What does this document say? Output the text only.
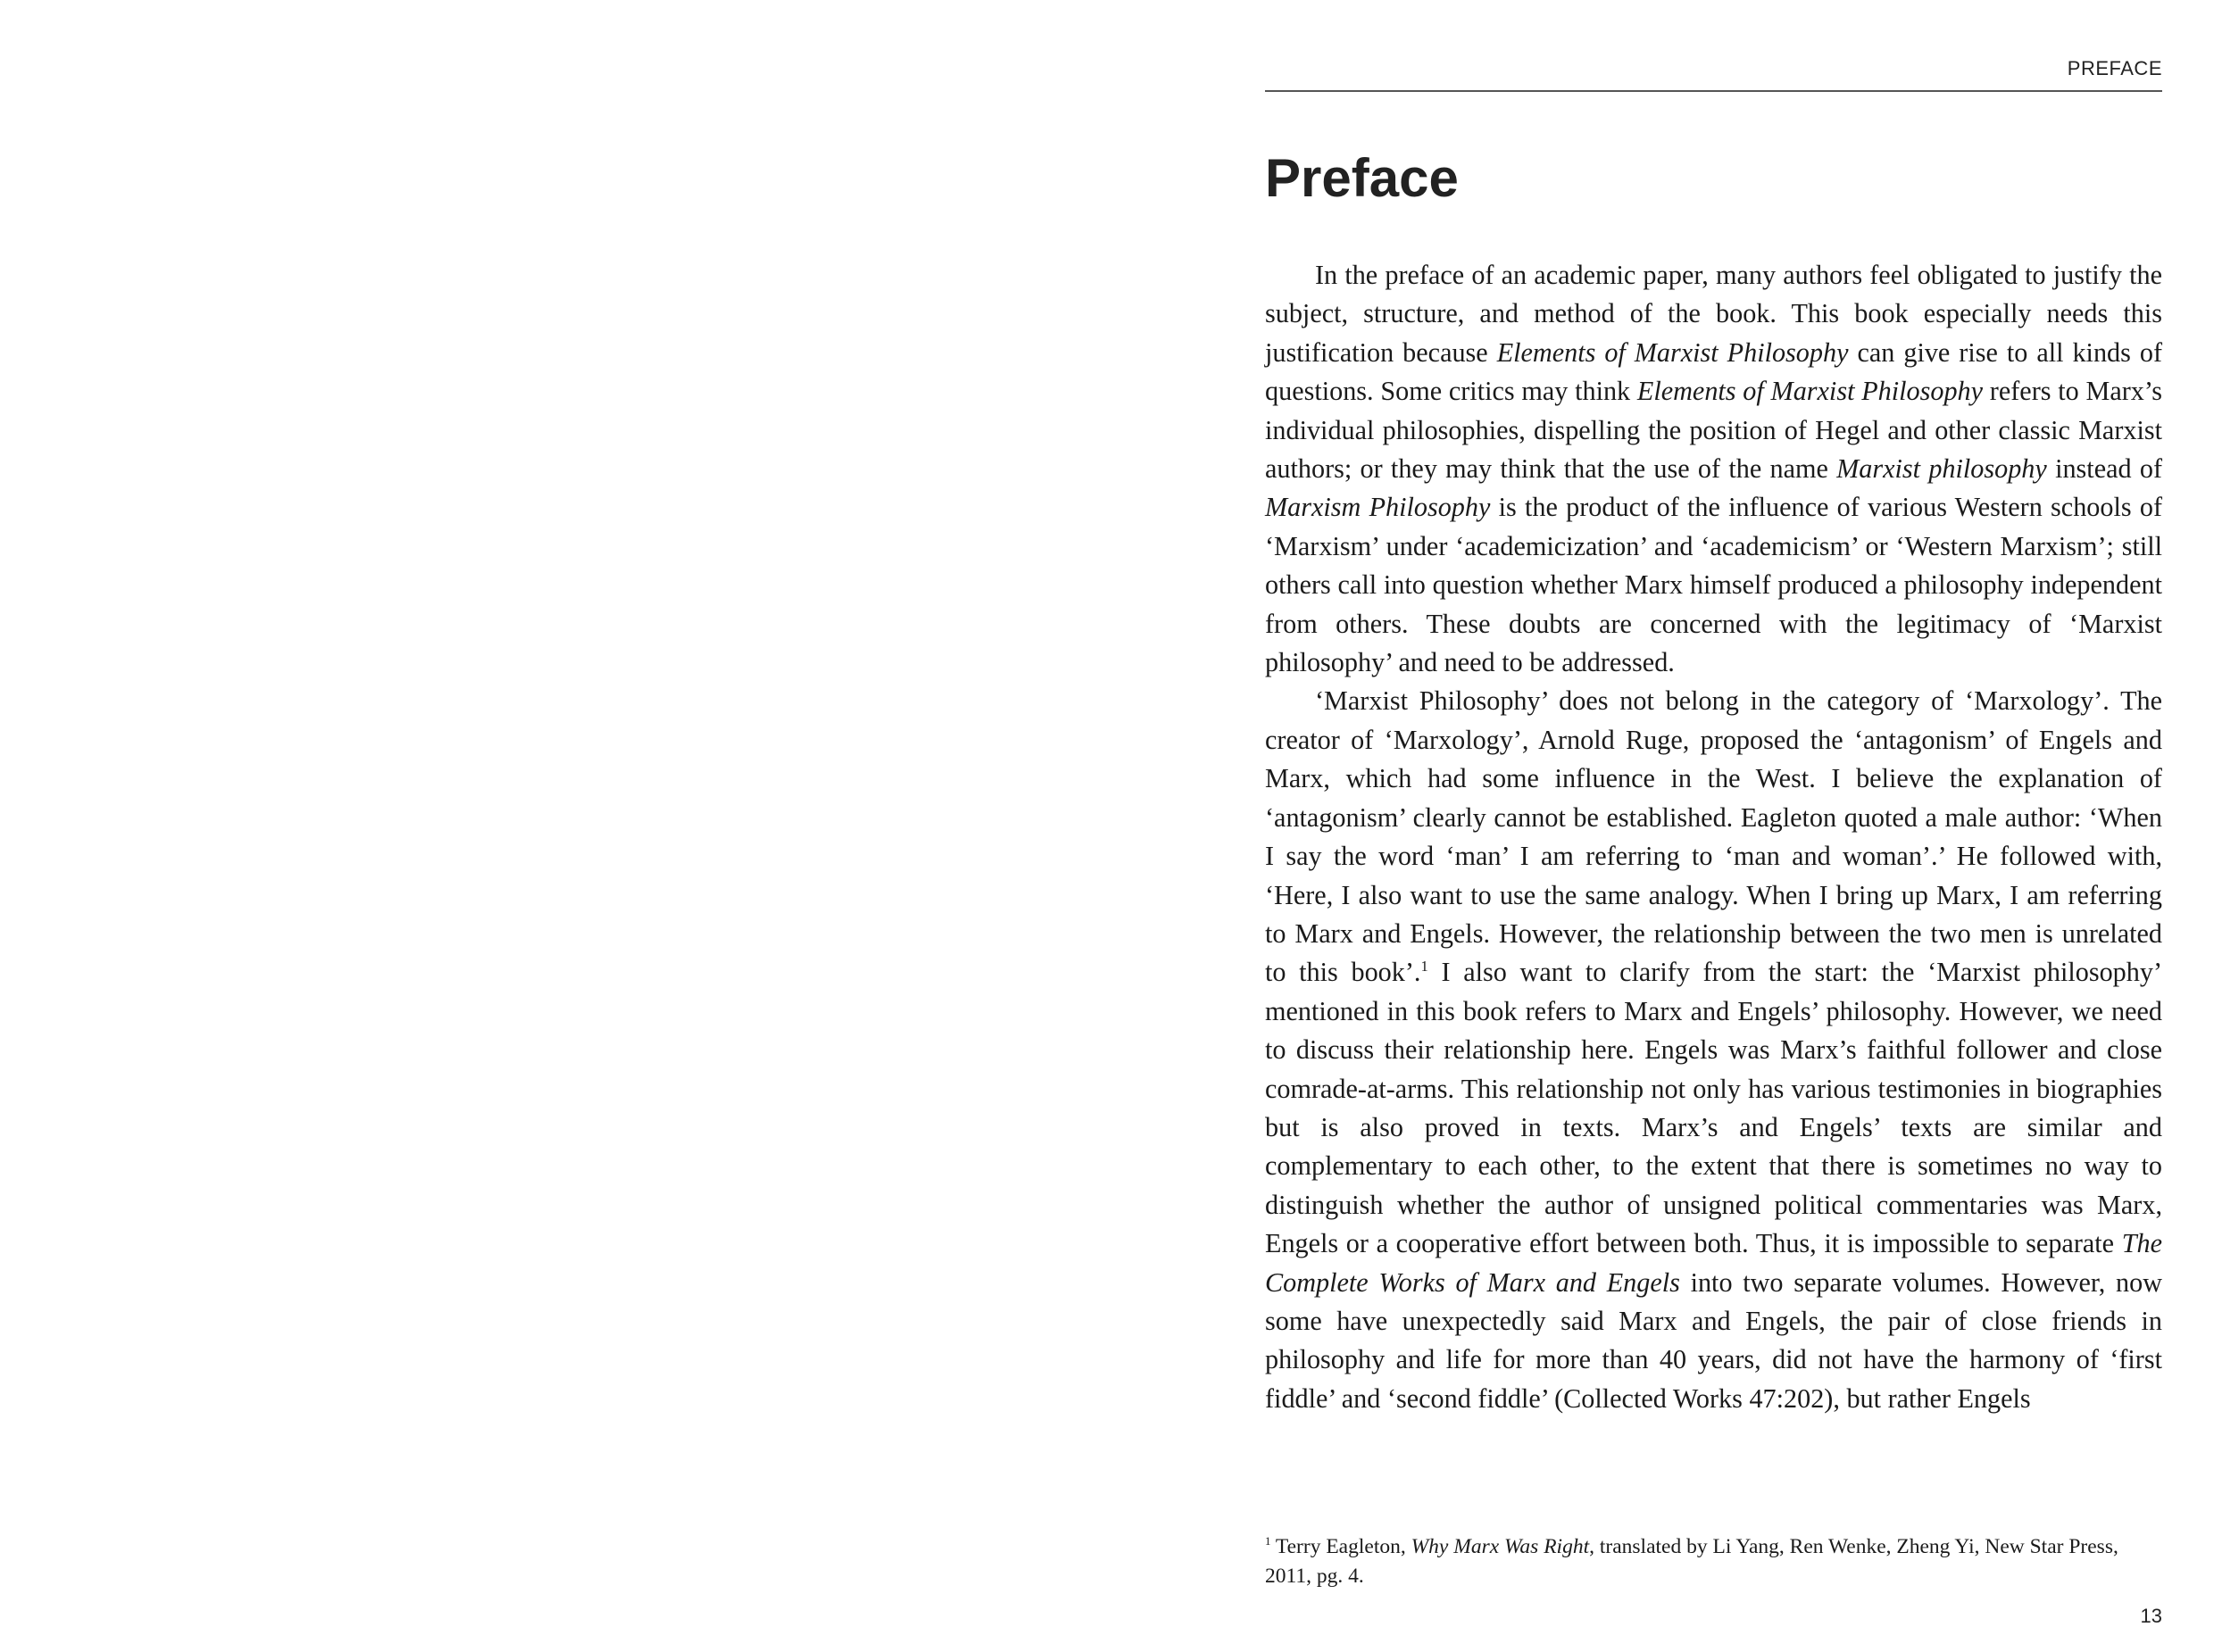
PREFACE
Preface

In the preface of an academic paper, many authors feel obligated to justify the subject, structure, and method of the book. This book especially needs this justification because Elements of Marxist Philosophy can give rise to all kinds of questions. Some critics may think Elements of Marxist Philosophy refers to Marx’s individual philosophies, dispelling the position of Hegel and other classic Marxist authors; or they may think that the use of the name Marxist philosophy instead of Marxism Philosophy is the product of the influence of various Western schools of ‘Marxism’ under ‘academicization’ and ‘academicism’ or ‘Western Marxism’; still others call into question whether Marx himself produced a philosophy independent from others. These doubts are concerned with the legitimacy of ‘Marxist philosophy’ and need to be addressed.

‘Marxist Philosophy’ does not belong in the category of ‘Marxology’. The creator of ‘Marxology’, Arnold Ruge, proposed the ‘antagonism’ of Engels and Marx, which had some influence in the West. I believe the explanation of ‘antagonism’ clearly cannot be established. Eagleton quoted a male author: ‘When I say the word ‘man’ I am referring to ‘man and woman’.’ He followed with, ‘Here, I also want to use the same analogy. When I bring up Marx, I am referring to Marx and Engels. However, the relationship between the two men is unrelated to this book’.$^1$ I also want to clarify from the start: the ‘Marxist philosophy’ mentioned in this book refers to Marx and Engels’ philosophy. However, we need to discuss their relationship here. Engels was Marx’s faithful follower and close comrade-at-arms. This relationship not only has various testimonies in biographies but is also proved in texts. Marx’s and Engels’ texts are similar and complementary to each other, to the extent that there is sometimes no way to distinguish whether the author of unsigned political commentaries was Marx, Engels or a cooperative effort between both. Thus, it is impossible to separate The Complete Works of Marx and Engels into two separate volumes. However, now some have unexpectedly said Marx and Engels, the pair of close friends in philosophy and life for more than 40 years, did not have the harmony of ‘first fiddle’ and ‘second fiddle’ (Collected Works 47:202), but rather Engels

$^1$ Terry Eagleton, Why Marx Was Right, translated by Li Yang, Ren Wenke, Zheng Yi, New Star Press, 2011, pg. 4.
13
